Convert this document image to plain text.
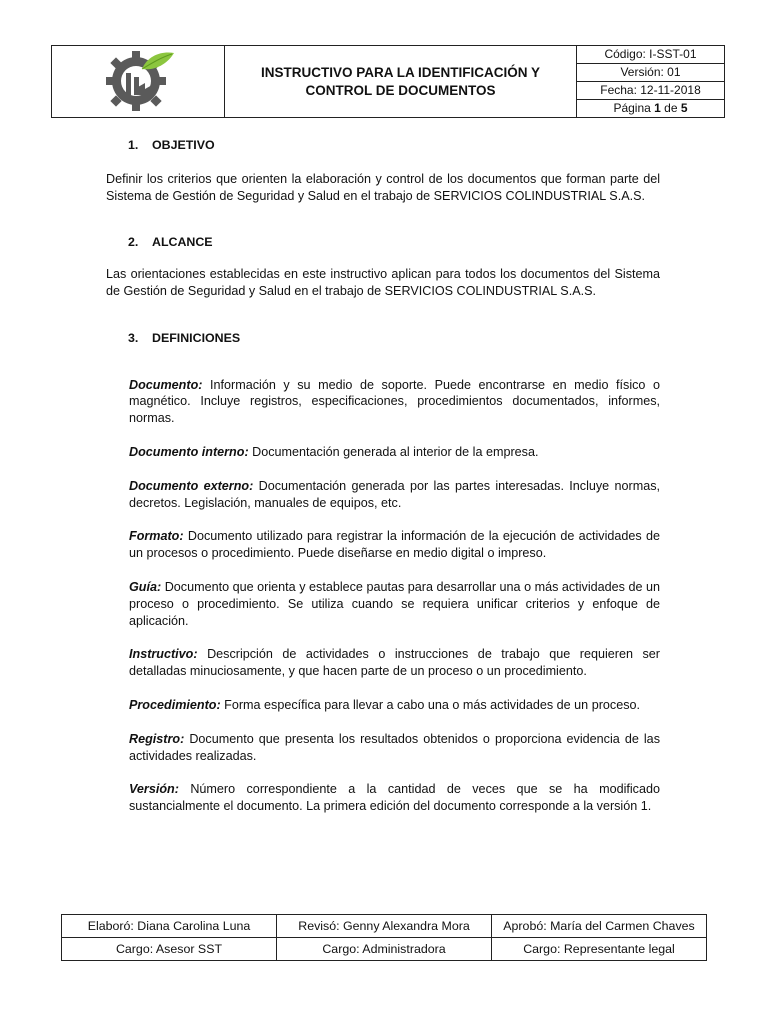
	INSTRUCTIVO PARA LA IDENTIFICACIÓN Y CONTROL DE DOCUMENTOS	Código: I-SST-01
Versión: 01
Fecha: 12-11-2018
Página 1 de 5
1. OBJETIVO
Definir los criterios que orienten la elaboración y control de los documentos que forman parte del Sistema de Gestión de Seguridad y Salud en el trabajo de SERVICIOS COLINDUSTRIAL S.A.S.
2. ALCANCE
Las orientaciones establecidas en este instructivo aplican para todos los documentos del Sistema de Gestión de Seguridad y Salud en el trabajo de SERVICIOS COLINDUSTRIAL S.A.S.
3. DEFINICIONES
Documento: Información y su medio de soporte. Puede encontrarse en medio físico o magnético. Incluye registros, especificaciones, procedimientos documentados, informes, normas.
Documento interno: Documentación generada al interior de la empresa.
Documento externo: Documentación generada por las partes interesadas. Incluye normas, decretos. Legislación, manuales de equipos, etc.
Formato: Documento utilizado para registrar la información de la ejecución de actividades de un procesos o procedimiento. Puede diseñarse en medio digital o impreso.
Guía: Documento que orienta y establece pautas para desarrollar una o más actividades de un proceso o procedimiento. Se utiliza cuando se requiera unificar criterios y enfoque de aplicación.
Instructivo: Descripción de actividades o instrucciones de trabajo que requieren ser detalladas minuciosamente, y que hacen parte de un proceso o un procedimiento.
Procedimiento: Forma específica para llevar a cabo una o más actividades de un proceso.
Registro: Documento que presenta los resultados obtenidos o proporciona evidencia de las actividades realizadas.
Versión: Número correspondiente a la cantidad de veces que se ha modificado sustancialmente el documento. La primera edición del documento corresponde a la versión 1.
Elaboró: Diana Carolina Luna	Revisó: Genny Alexandra Mora	Aprobó: María del Carmen Chaves
Cargo: Asesor SST	Cargo: Administradora	Cargo: Representante legal
